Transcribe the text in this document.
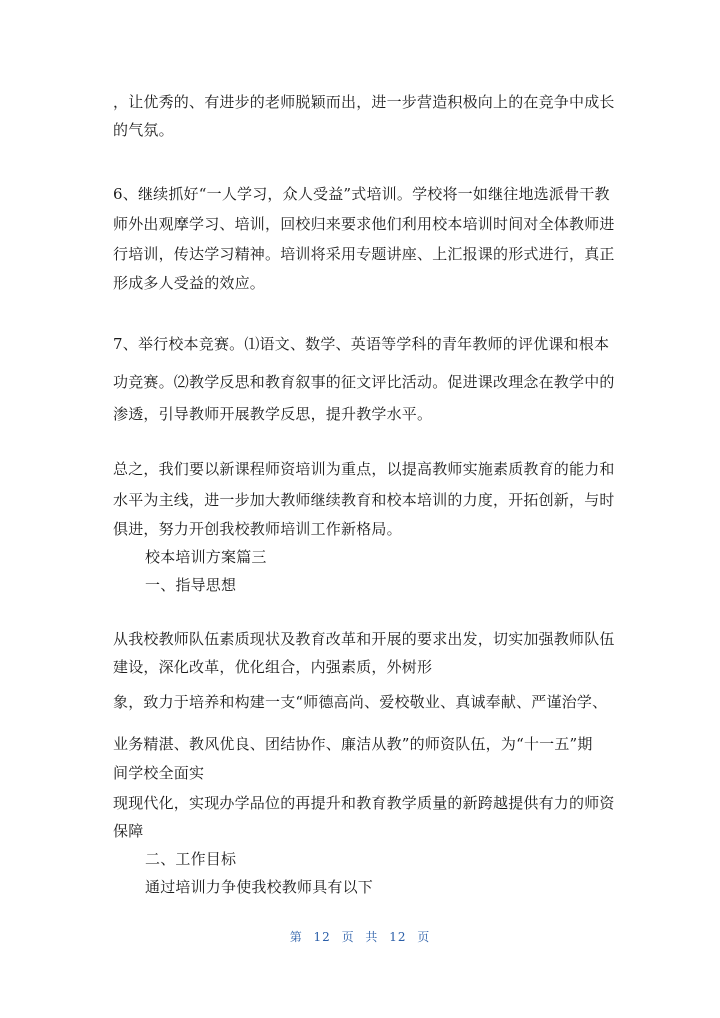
，让优秀的、有进步的老师脱颖而出，进一步营造积极向上的在竞争中成长
的气氛。
6、继续抓好“一人学习，众人受益”式培训。学校将一如继往地选派骨干教
师外出观摩学习、培训，回校归来要求他们利用校本培训时间对全体教师进
行培训，传达学习精神。培训将采用专题讲座、上汇报课的形式进行，真正
形成多人受益的效应。
7、举行校本竞赛。⑴语文、数学、英语等学科的青年教师的评优课和根本
功竞赛。⑵教学反思和教育叙事的征文评比活动。促进课改理念在教学中的
渗透，引导教师开展教学反思，提升教学水平。
总之，我们要以新课程师资培训为重点，以提高教师实施素质教育的能力和
水平为主线，进一步加大教师继续教育和校本培训的力度，开拓创新，与时
俱进，努力开创我校教师培训工作新格局。
校本培训方案篇三
一、指导思想
从我校教师队伍素质现状及教育改革和开展的要求出发，切实加强教师队伍
建设，深化改革，优化组合，内强素质，外树形
象，致力于培养和构建一支“师德高尚、爱校敬业、真诚奉献、严谨治学、
业务精湛、教风优良、团结协作、廉洁从教”的师资队伍，为“十一五”期
间学校全面实
现现代化，实现办学品位的再提升和教育教学质量的新跨越提供有力的师资
保障
二、工作目标
通过培训力争使我校教师具有以下
第 12 页 共 12 页
